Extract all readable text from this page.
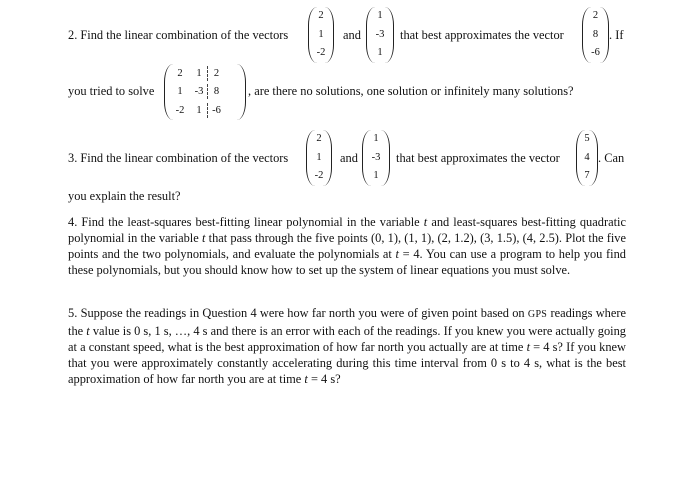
2. Find the linear combination of the vectors
2
1
-2
and
1
-3
1
that best approximates the vector
2
8
-6
. If
you tried to solve
2	1	2
1	-3	8
-2	1	-6
, are there no solutions, one solution or infinitely many solutions?
3. Find the linear combination of the vectors
2
1
-2
and
1
-3
1
that best approximates the vector
5
4
7
. Can
you explain the result?
4. Find the least-squares best-fitting linear polynomial in the variable t and least-squares best-fitting quadratic polynomial in the variable t that pass through the five points (0, 1), (1, 1), (2, 1.2), (3, 1.5), (4, 2.5). Plot the five points and the two polynomials, and evaluate the polynomials at t = 4. You can use a program to help you find these polynomials, but you should know how to set up the system of linear equations you must solve.
5. Suppose the readings in Question 4 were how far north you were of given point based on GPS readings where the t value is 0 s, 1 s, …, 4 s and there is an error with each of the readings. If you knew you were actually going at a constant speed, what is the best approximation of how far north you actually are at time t = 4 s? If you knew that you were approximately constantly accelerating during this time interval from 0 s to 4 s, what is the best approximation of how far north you are at time t = 4 s?
